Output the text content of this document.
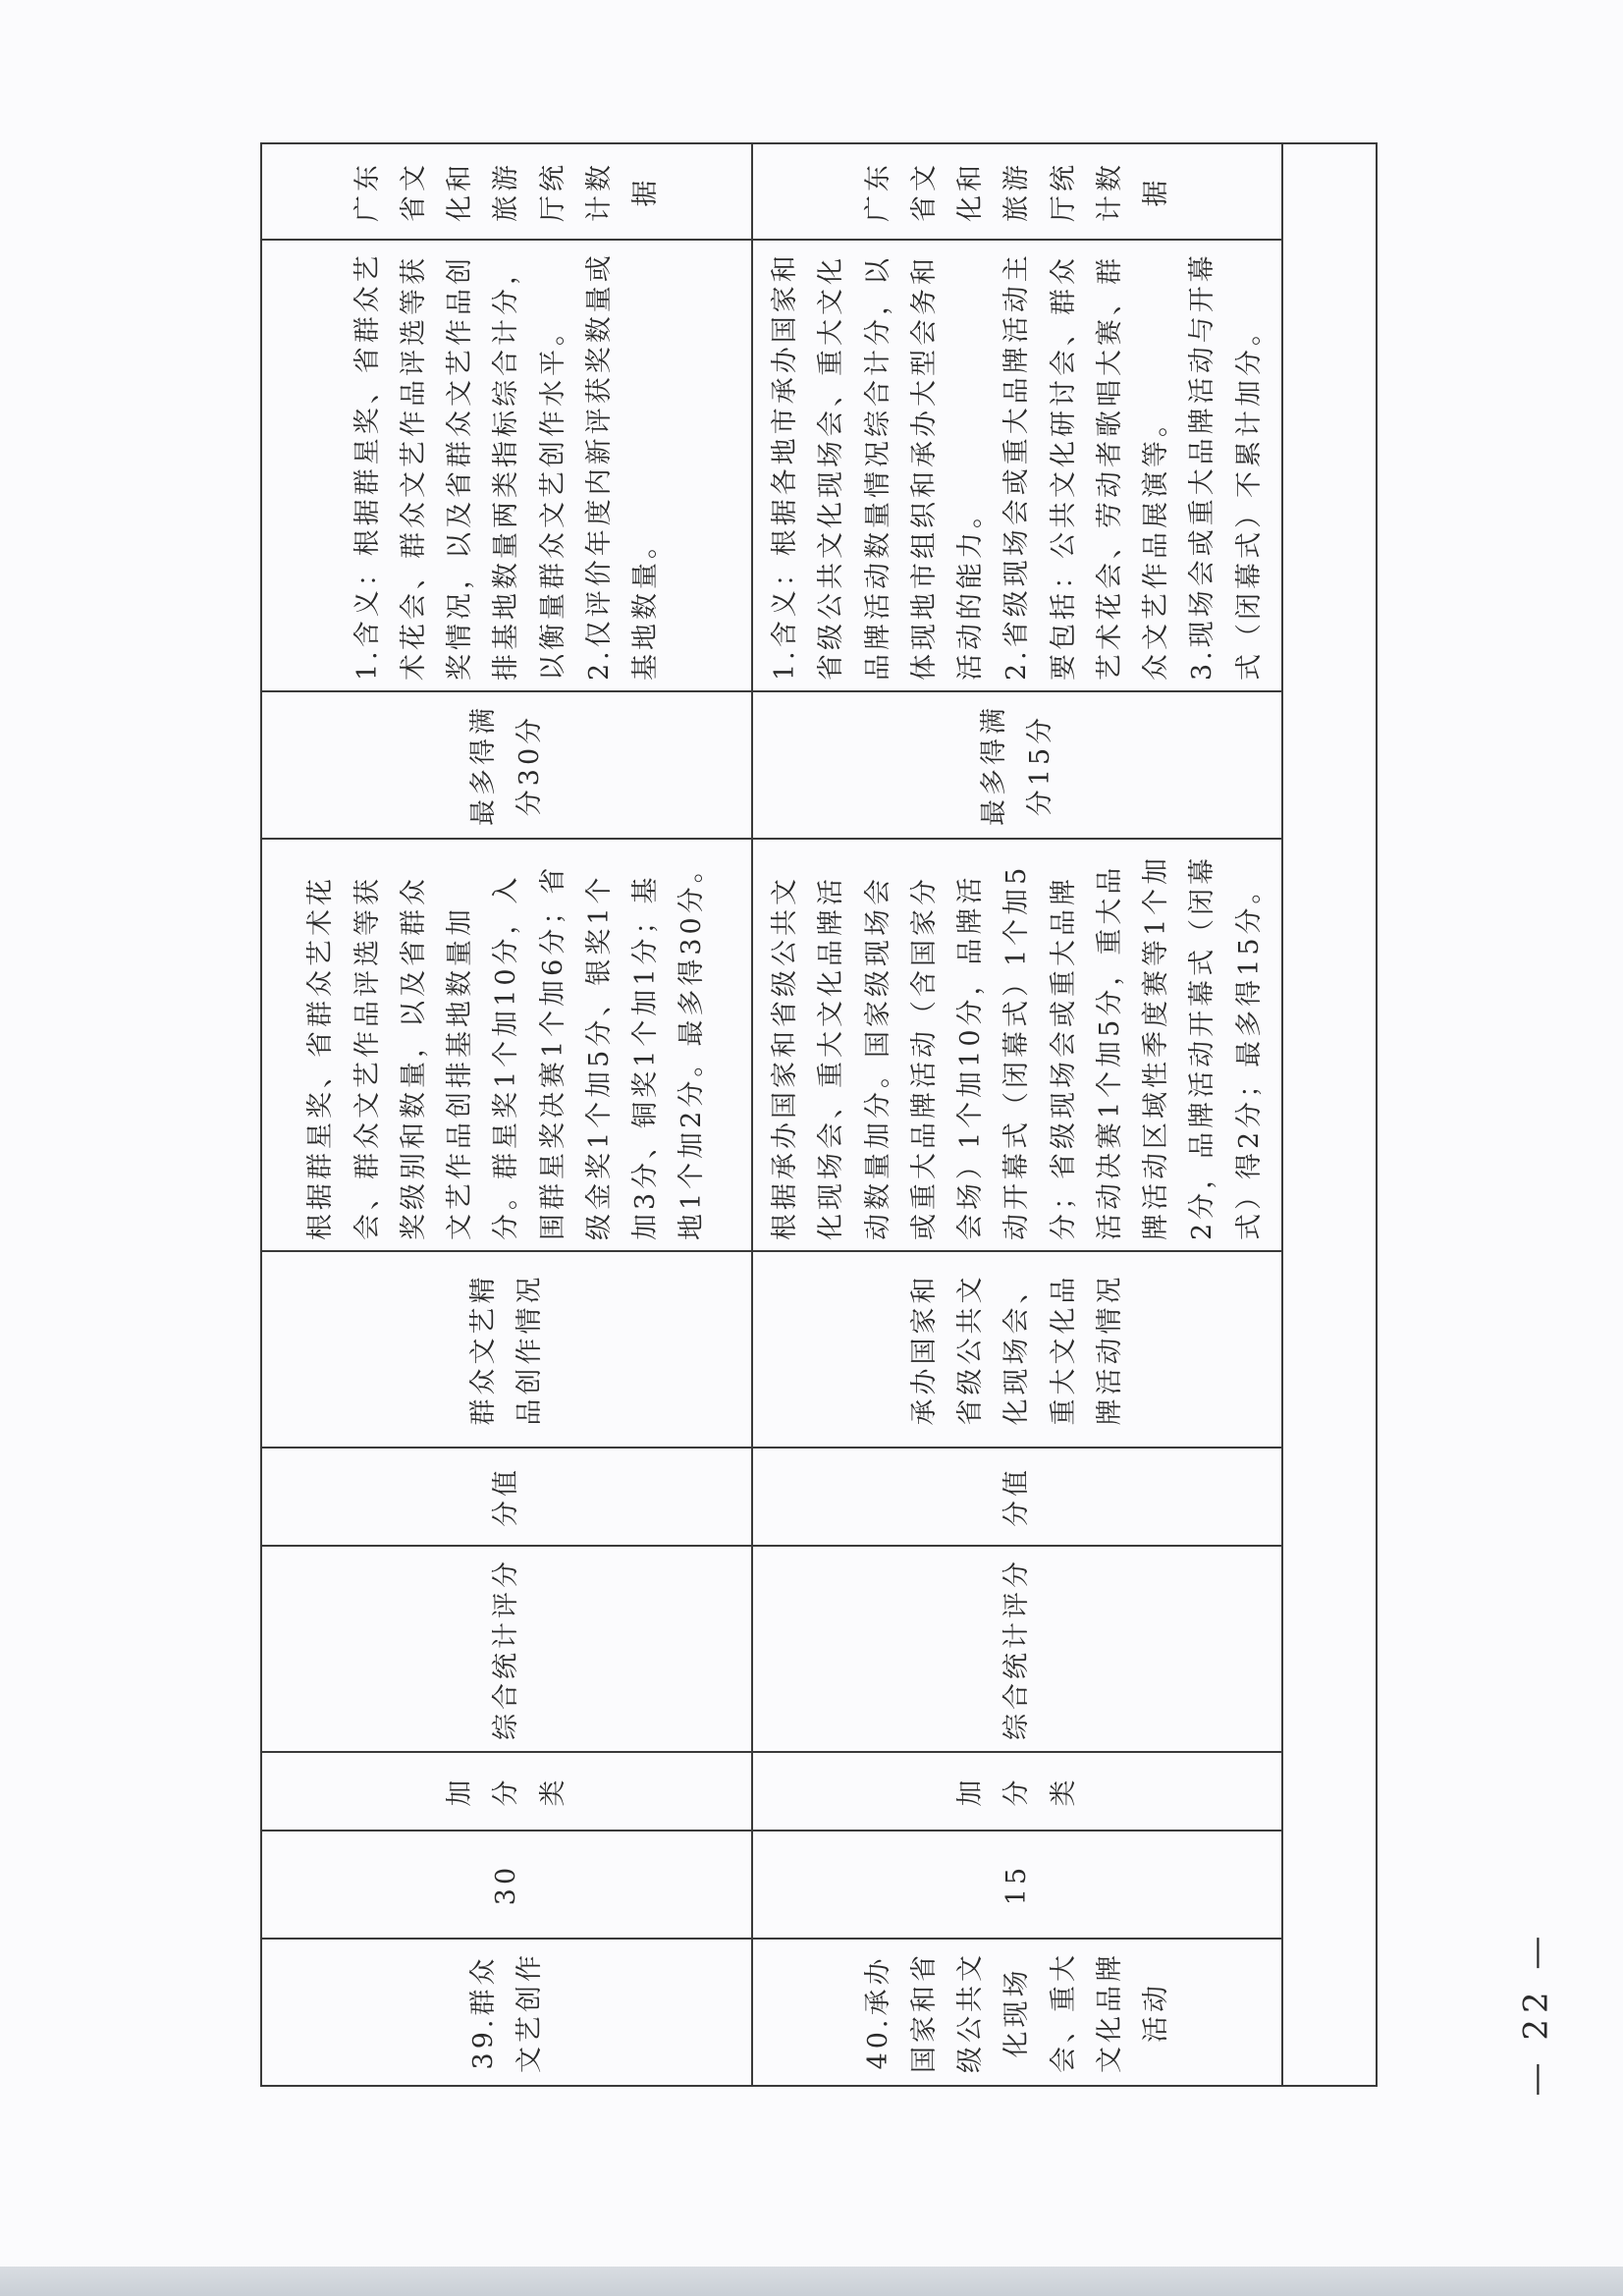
39.群众文艺创作	30	加分类	综合统计评分	分值	群众文艺精品创作情况	根据群星奖、省群众艺术花会、群众文艺作品评选等获奖级别和数量，以及省群众文艺作品创排基地数量加分。群星奖1个加10分，入围群星奖决赛1个加6分；省级金奖1个加5分、银奖1个加3分、铜奖1个加1分；基地1个加2分。最多得30分。	最多得满分30分	1.含义：根据群星奖、省群众艺术花会、群众文艺作品评选等获奖情况，以及省群众文艺作品创排基地数量两类指标综合计分，以衡量群众文艺创作水平。 2.仅评价年度内新评获奖数量或基地数量。	广东省文化和旅游厅统计数据
40.承办国家和省级公共文化现场会、重大文化品牌活动	15	加分类	综合统计评分	分值	承办国家和省级公共文化现场会、重大文化品牌活动情况	根据承办国家和省级公共文化现场会、重大文化品牌活动数量加分。国家级现场会或重大品牌活动（含国家分会场）1个加10分，品牌活动开幕式（闭幕式）1个加5分；省级现场会或重大品牌活动决赛1个加5分，重大品牌活动区域性季度赛等1个加2分，品牌活动开幕式（闭幕式）得2分；最多得15分。	最多得满分15分	1.含义：根据各地市承办国家和省级公共文化现场会、重大文化品牌活动数量情况综合计分，以体现地市组织和承办大型会务和活动的能力。 2.省级现场会或重大品牌活动主要包括：公共文化研讨会、群众艺术花会、劳动者歌唱大赛、群众文艺作品展演等。 3.现场会或重大品牌活动与开幕式（闭幕式）不累计加分。	广东省文化和旅游厅统计数据

— 22 —
